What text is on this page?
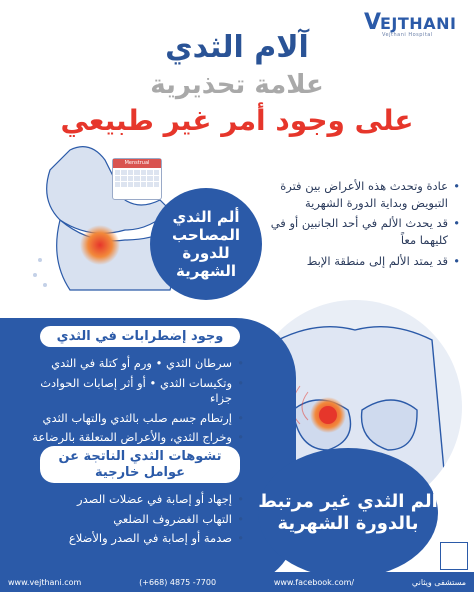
V
EJTHANI
Vejthani Hospital
آلام الثدي
علامة تحذيرية
على وجود أمر غير طبيعي
Menstrual
ألم الثدي المصاحب للدورة الشهرية
• عادة وتحدث هذه الأعراض بين فترة التبويض وبداية الدورة الشهرية
• قد يحدث الألم في أحد الجانبين أو في كليهما معاً
• قد يمتد الألم إلى منطقة الإبط
وجود إضطرابات في الثدي
• سرطان الثدي • ورم أو كتلة في الثدي
• وتكيسات الثدي • أو أثر إصابات الحوادث جزاء
• إرتطام جسم صلب بالثدي والتهاب الثدي
• وخراج الثدي، والأعراض المتعلقة بالرضاعة
تشوهات الثدي الناتجة عن عوامل خارجية
• إجهاد أو إصابة في عضلات الصدر
• التهاب الغضروف الضلعي
• صدمة أو إصابة في الصدر والأضلاع
ألم الثدي غير مرتبط بالدورة الشهرية
www.vejthani.com	(+668) 4875 -7700	www.facebook.com/	مستشفى ويثاني
